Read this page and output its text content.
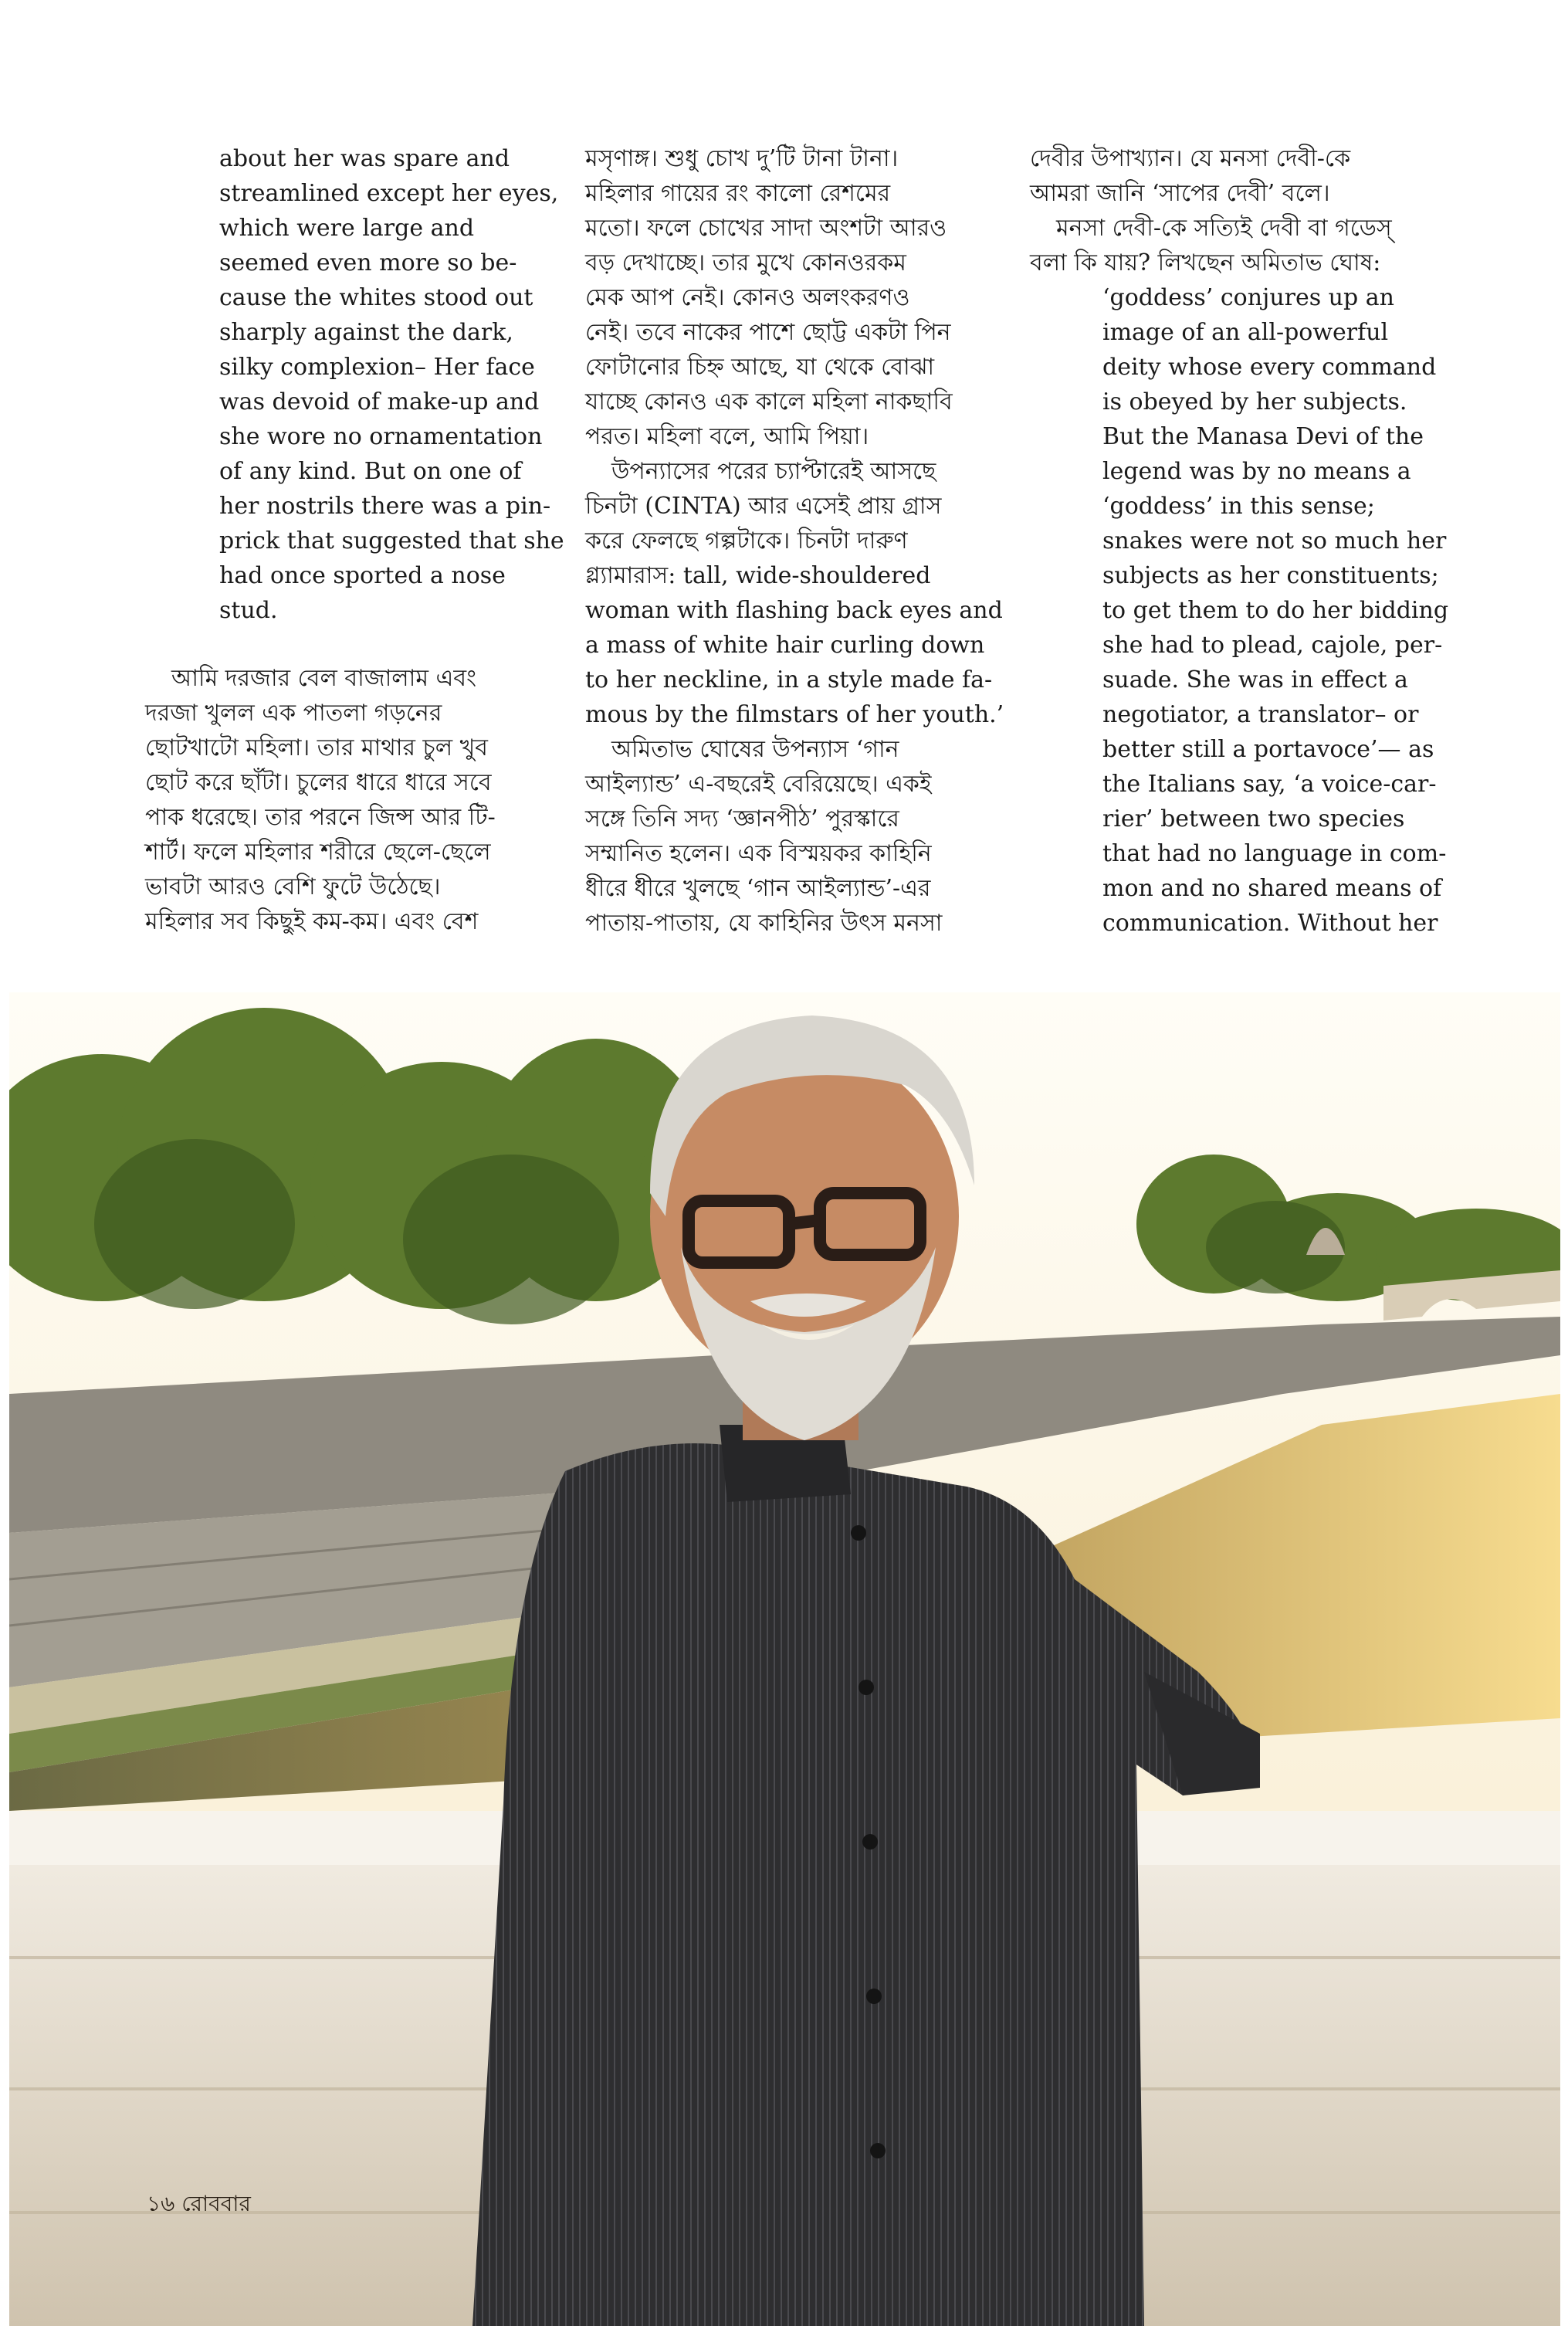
about her was spare and
streamlined except her eyes,
which were large and
seemed even more so be-
cause the whites stood out
sharply against the dark,
silky complexion– Her face
was devoid of make-up and
she wore no ornamentation
of any kind. But on one of
her nostrils there was a pin-
prick that suggested that she
had once sported a nose
stud.
আমি দরজার বেল বাজালাম এবং
দরজা খুলল এক পাতলা গড়নের
ছোটখাটো মহিলা। তার মাথার চুল খুব
ছোট করে ছাঁটা। চুলের ধারে ধারে সবে
পাক ধরেছে। তার পরনে জিন্স আর টি-
শার্ট। ফলে মহিলার শরীরে ছেলে-ছেলে
ভাবটা আরও বেশি ফুটে উঠেছে।
মহিলার সব কিছুই কম-কম। এবং বেশ
মসৃণাঙ্গ। শুধু চোখ দু’টি টানা টানা।
মহিলার গায়ের রং কালো রেশমের
মতো। ফলে চোখের সাদা অংশটা আরও
বড় দেখাচ্ছে। তার মুখে কোনওরকম
মেক আপ নেই। কোনও অলংকরণও
নেই। তবে নাকের পাশে ছোট্ট একটা পিন
ফোটানোর চিহ্ন আছে, যা থেকে বোঝা
যাচ্ছে কোনও এক কালে মহিলা নাকছাবি
পরত। মহিলা বলে, আমি পিয়া।
উপন্যাসের পরের চ্যাপ্টারেই আসছে
চিনটা (CINTA) আর এসেই প্রায় গ্রাস
করে ফেলছে গল্পটাকে। চিনটা দারুণ
গ্ল্যামারাস: tall, wide-shouldered
woman with flashing back eyes and
a mass of white hair curling down
to her neckline, in a style made fa-
mous by the filmstars of her youth.’
অমিতাভ ঘোষের উপন্যাস ‘গান
আইল্যান্ড’ এ-বছরেই বেরিয়েছে। একই
সঙ্গে তিনি সদ্য ‘জ্ঞানপীঠ’ পুরস্কারে
সম্মানিত হলেন। এক বিস্ময়কর কাহিনি
ধীরে ধীরে খুলছে ‘গান আইল্যান্ড’-এর
পাতায়-পাতায়, যে কাহিনির উৎস মনসা
দেবীর উপাখ্যান। যে মনসা দেবী-কে
আমরা জানি ‘সাপের দেবী’ বলে।
মনসা দেবী-কে সত্যিই দেবী বা গডেস্
বলা কি যায়? লিখছেন অমিতাভ ঘোষ:
‘goddess’ conjures up an
image of an all-powerful
deity whose every command
is obeyed by her subjects.
But the Manasa Devi of the
legend was by no means a
‘goddess’ in this sense;
snakes were not so much her
subjects as her constituents;
to get them to do her bidding
she had to plead, cajole, per-
suade. She was in effect a
negotiator, a translator– or
better still a portavoce’— as
the Italians say, ‘a voice-car-
rier’ between two species
that had no language in com-
mon and no shared means of
communication. Without her
১৬ রোববার
